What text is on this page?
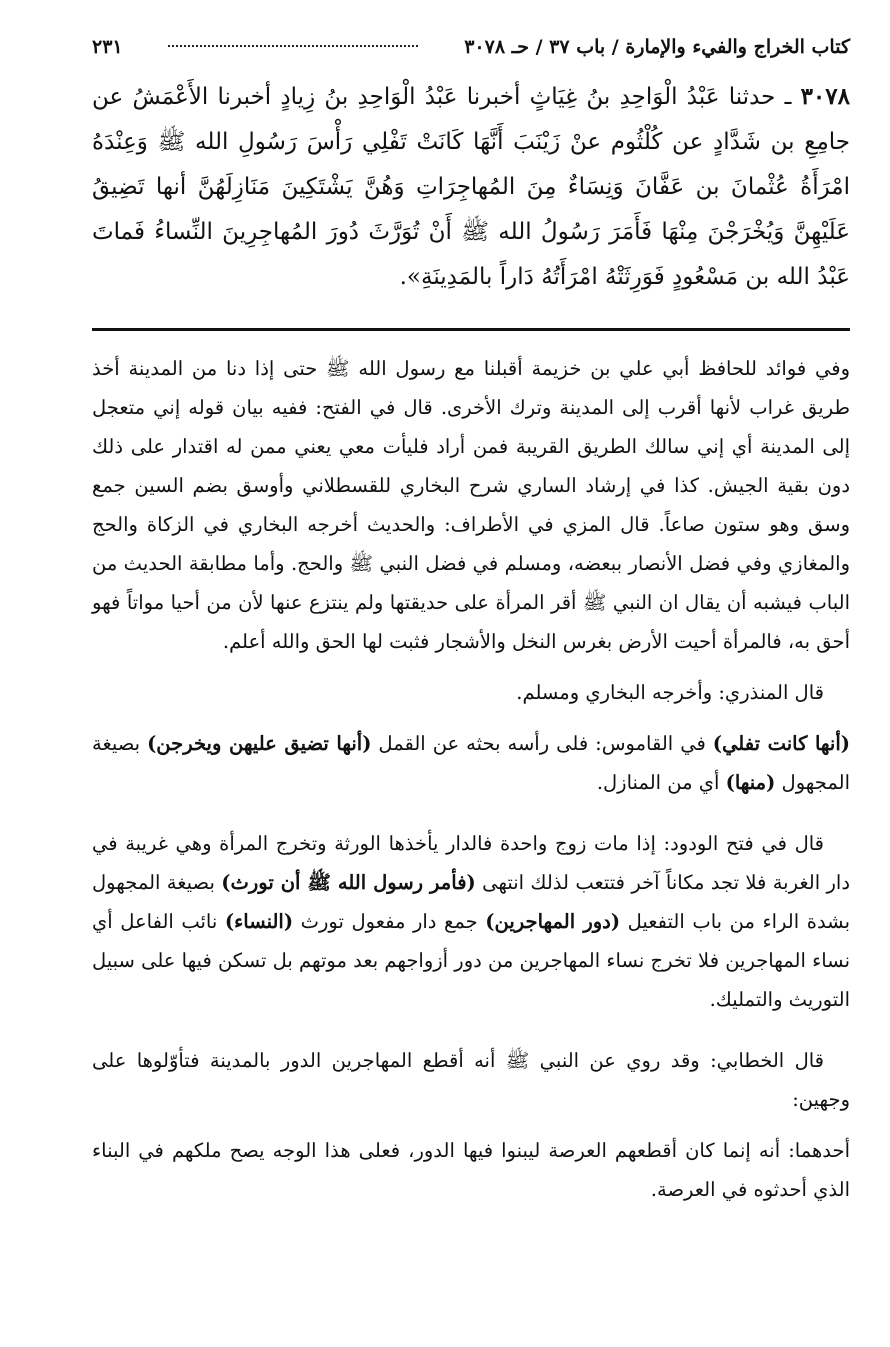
كتاب الخراج والفيء والإمارة / باب ٣٧ / حـ ٣٠٧٨
٢٣١

٣٠٧٨ ـ حدثنا عَبْدُ الْوَاحِدِ بنُ غِيَاثٍ أخبرنا عَبْدُ الْوَاحِدِ بنُ زِيادٍ أخبرنا الأَعْمَشُ عن جامِعِ بن شَدَّادٍ عن كُلْثُوم عنْ زَيْنَبَ أَنَّهَا كَانَتْ تَفْلِي رَأْسَ رَسُولِ الله ﷺ وَعِنْدَهُ امْرَأَةُ عُثْمانَ بن عَفَّانَ وَنِسَاءٌ مِنَ المُهاجِرَاتِ وَهُنَّ يَشْتَكِينَ مَنَازِلَهُنَّ أنها تَضِيقُ عَلَيْهِنَّ وَيُخْرَجْنَ مِنْهَا فَأَمَرَ رَسُولُ الله ﷺ أَنْ تُوَرَّثَ دُورَ المُهاجِرِينَ النِّساءُ فَماتَ عَبْدُ الله بن مَسْعُودٍ فَوَرِثَتْهُ امْرَأَتُهُ دَاراً بالمَدِينَةِ».

وفي فوائد للحافظ أبي علي بن خزيمة أقبلنا مع رسول الله ﷺ حتى إذا دنا من المدينة أخذ طريق غراب لأنها أقرب إلى المدينة وترك الأخرى. قال في الفتح: ففيه بيان قوله إني متعجل إلى المدينة أي إني سالك الطريق القريبة فمن أراد فليأت معي يعني ممن له اقتدار على ذلك دون بقية الجيش. كذا في إرشاد الساري شرح البخاري للقسطلاني وأوسق بضم السين جمع وسق وهو ستون صاعاً. قال المزي في الأطراف: والحديث أخرجه البخاري في الزكاة والحج والمغازي وفي فضل الأنصار ببعضه، ومسلم في فضل النبي ﷺ والحج. وأما مطابقة الحديث من الباب فيشبه أن يقال ان النبي ﷺ أقر المرأة على حديقتها ولم ينتزع عنها لأن من أحيا مواتاً فهو أحق به، فالمرأة أحيت الأرض بغرس النخل والأشجار فثبت لها الحق والله أعلم.

قال المنذري: وأخرجه البخاري ومسلم.

(أنها كانت تفلي) في القاموس: فلى رأسه بحثه عن القمل (أنها تضيق عليهن ويخرجن) بصيغة المجهول (منها) أي من المنازل.

قال في فتح الودود: إذا مات زوج واحدة فالدار يأخذها الورثة وتخرج المرأة وهي غريبة في دار الغربة فلا تجد مكاناً آخر فتتعب لذلك انتهى (فأمر رسول الله ﷺ أن تورث) بصيغة المجهول بشدة الراء من باب التفعيل (دور المهاجرين) جمع دار مفعول تورث (النساء) نائب الفاعل أي نساء المهاجرين فلا تخرج نساء المهاجرين من دور أزواجهم بعد موتهم بل تسكن فيها على سبيل التوريث والتمليك.

قال الخطابي: وقد روي عن النبي ﷺ أنه أقطع المهاجرين الدور بالمدينة فتأوّلوها على وجهين:

أحدهما: أنه إنما كان أقطعهم العرصة ليبنوا فيها الدور، فعلى هذا الوجه يصح ملكهم في البناء الذي أحدثوه في العرصة.
